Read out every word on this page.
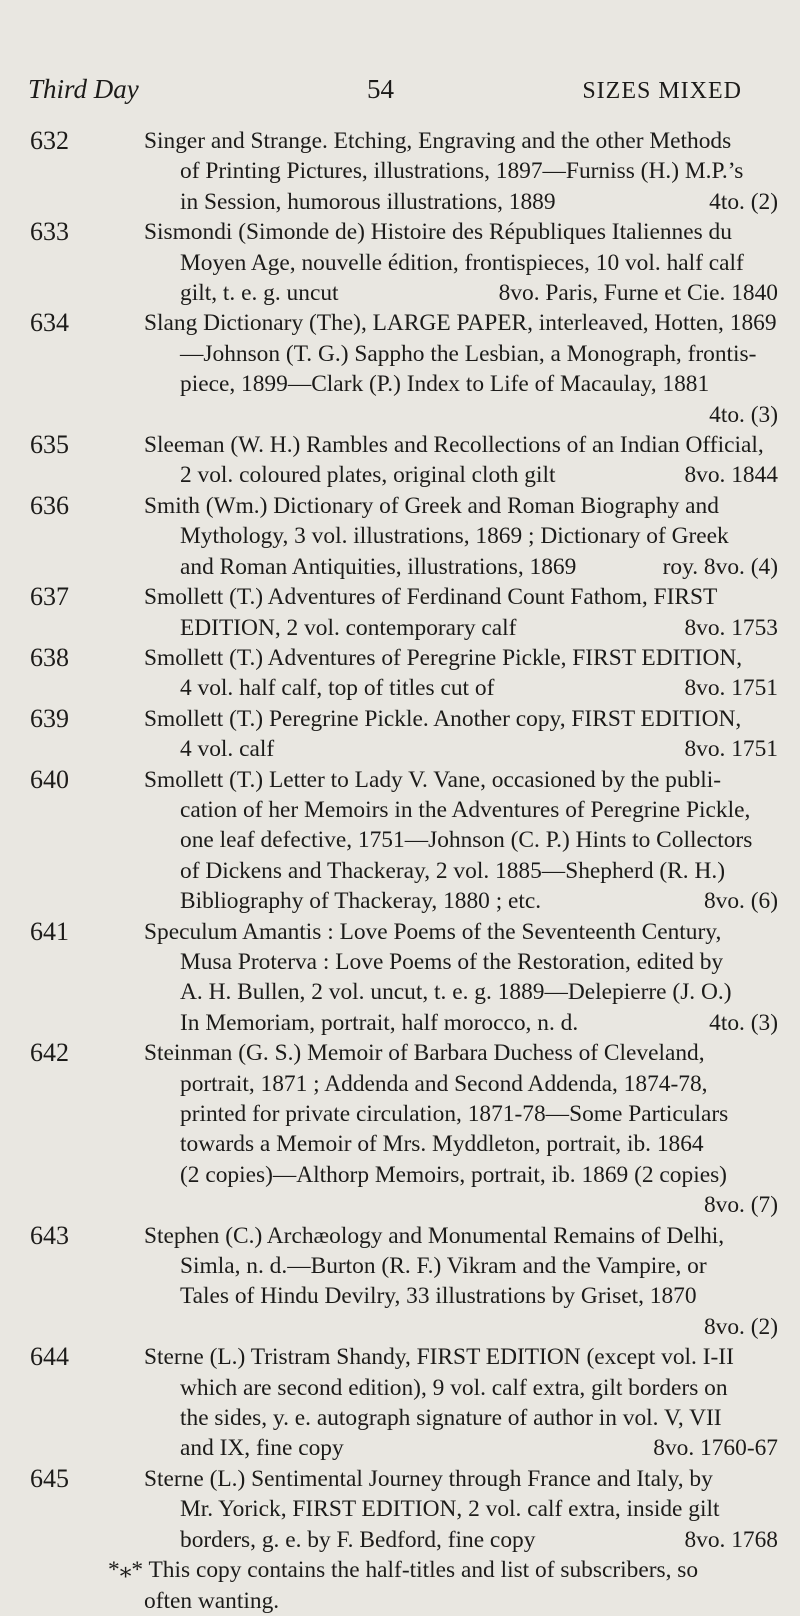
Third Day	54	SIZES MIXED
632	Singer and Strange. Etching, Engraving and the other Methods
of Printing Pictures, illustrations, 1897—Furniss (H.) M.P.’s
in Session, humorous illustrations, 1889	4to. (2)
633	Sismondi (Simonde de) Histoire des Républiques Italiennes du
Moyen Age, nouvelle édition, frontispieces, 10 vol. half calf
gilt, t. e. g. uncut	8vo. Paris, Furne et Cie. 1840
634	Slang Dictionary (The), LARGE PAPER, interleaved, Hotten, 1869
—Johnson (T. G.) Sappho the Lesbian, a Monograph, frontis-
piece, 1899—Clark (P.) Index to Life of Macaulay, 1881
4to. (3)
635	Sleeman (W. H.) Rambles and Recollections of an Indian Official,
2 vol. coloured plates, original cloth gilt	8vo. 1844
636	Smith (Wm.) Dictionary of Greek and Roman Biography and
Mythology, 3 vol. illustrations, 1869 ; Dictionary of Greek
and Roman Antiquities, illustrations, 1869	roy. 8vo. (4)
637	Smollett (T.) Adventures of Ferdinand Count Fathom, FIRST
EDITION, 2 vol. contemporary calf	8vo. 1753
638	Smollett (T.) Adventures of Peregrine Pickle, FIRST EDITION,
4 vol. half calf, top of titles cut of	8vo. 1751
639	Smollett (T.) Peregrine Pickle. Another copy, FIRST EDITION,
4 vol. calf	8vo. 1751
640	Smollett (T.) Letter to Lady V. Vane, occasioned by the publi-
cation of her Memoirs in the Adventures of Peregrine Pickle,
one leaf defective, 1751—Johnson (C. P.) Hints to Collectors
of Dickens and Thackeray, 2 vol. 1885—Shepherd (R. H.)
Bibliography of Thackeray, 1880 ; etc.	8vo. (6)
641	Speculum Amantis : Love Poems of the Seventeenth Century,
Musa Proterva : Love Poems of the Restoration, edited by
A. H. Bullen, 2 vol. uncut, t. e. g. 1889—Delepierre (J. O.)
In Memoriam, portrait, half morocco, n. d.	4to. (3)
642	Steinman (G. S.) Memoir of Barbara Duchess of Cleveland,
portrait, 1871 ; Addenda and Second Addenda, 1874-78,
printed for private circulation, 1871-78—Some Particulars
towards a Memoir of Mrs. Myddleton, portrait, ib. 1864
(2 copies)—Althorp Memoirs, portrait, ib. 1869 (2 copies)
8vo. (7)
643	Stephen (C.) Archæology and Monumental Remains of Delhi,
Simla, n. d.—Burton (R. F.) Vikram and the Vampire, or
Tales of Hindu Devilry, 33 illustrations by Griset, 1870
8vo. (2)
644	Sterne (L.) Tristram Shandy, FIRST EDITION (except vol. I-II
which are second edition), 9 vol. calf extra, gilt borders on
the sides, y. e. autograph signature of author in vol. V, VII
and IX, fine copy	8vo. 1760-67
645	Sterne (L.) Sentimental Journey through France and Italy, by
Mr. Yorick, FIRST EDITION, 2 vol. calf extra, inside gilt
borders, g. e. by F. Bedford, fine copy	8vo. 1768
*⁎* This copy contains the half-titles and list of subscribers, so
often wanting.
